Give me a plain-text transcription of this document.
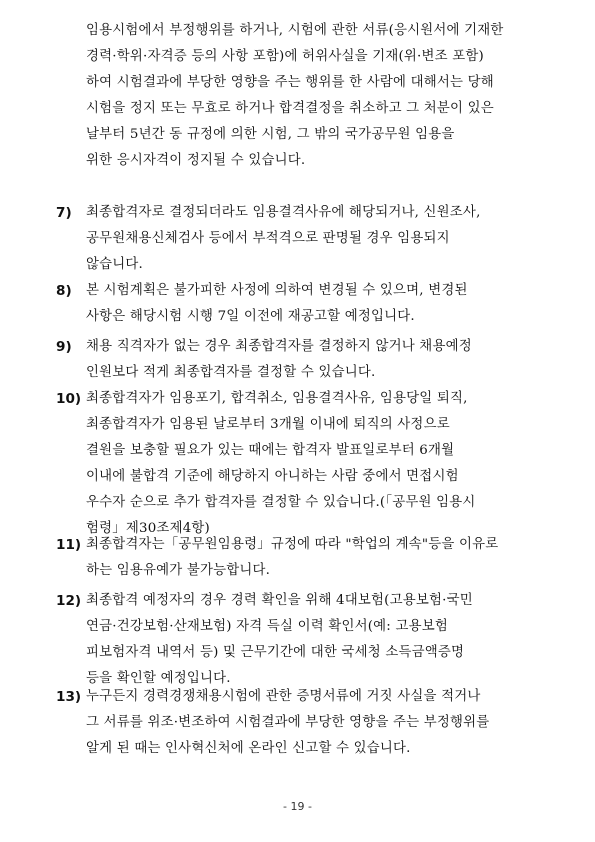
임용시험에서 부정행위를 하거나, 시험에 관한 서류(응시원서에 기재한
경력·학위·자격증 등의 사항 포함)에 허위사실을 기재(위·변조 포함)
하여 시험결과에 부당한 영향을 주는 행위를 한 사람에 대해서는 당해
시험을 정지 또는 무효로 하거나 합격결정을 취소하고 그 처분이 있은
날부터 5년간 동 규정에 의한 시험, 그 밖의 국가공무원 임용을
위한 응시자격이 정지될 수 있습니다.
7) 최종합격자로 결정되더라도 임용결격사유에 해당되거나, 신원조사,
공무원채용신체검사 등에서 부적격으로 판명될 경우 임용되지
않습니다.
8) 본 시험계획은 불가피한 사정에 의하여 변경될 수 있으며, 변경된
사항은 해당시험 시행 7일 이전에 재공고할 예정입니다.
9) 채용 직격자가 없는 경우 최종합격자를 결정하지 않거나 채용예정
인원보다 적게 최종합격자를 결정할 수 있습니다.
10) 최종합격자가 임용포기, 합격취소, 임용결격사유, 임용당일 퇴직,
최종합격자가 임용된 날로부터 3개월 이내에 퇴직의 사정으로
결원을 보충할 필요가 있는 때에는 합격자 발표일로부터 6개월
이내에 불합격 기준에 해당하지 아니하는 사람 중에서 면접시험
우수자 순으로 추가 합격자를 결정할 수 있습니다.(「공무원 임용시
험령」제30조제4항)
11) 최종합격자는「공무원임용령」규정에 따라 "학업의 계속"등을 이유로
하는 임용유예가 불가능합니다.
12) 최종합격 예정자의 경우 경력 확인을 위해 4대보험(고용보험·국민
연금·건강보험·산재보험) 자격 득실 이력 확인서(예: 고용보험
피보험자격 내역서 등) 및 근무기간에 대한 국세청 소득금액증명
등을 확인할 예정입니다.
13) 누구든지 경력경쟁채용시험에 관한 증명서류에 거짓 사실을 적거나
그 서류를 위조·변조하여 시험결과에 부당한 영향을 주는 부정행위를
알게 된 때는 인사혁신처에 온라인 신고할 수 있습니다.
- 19 -
